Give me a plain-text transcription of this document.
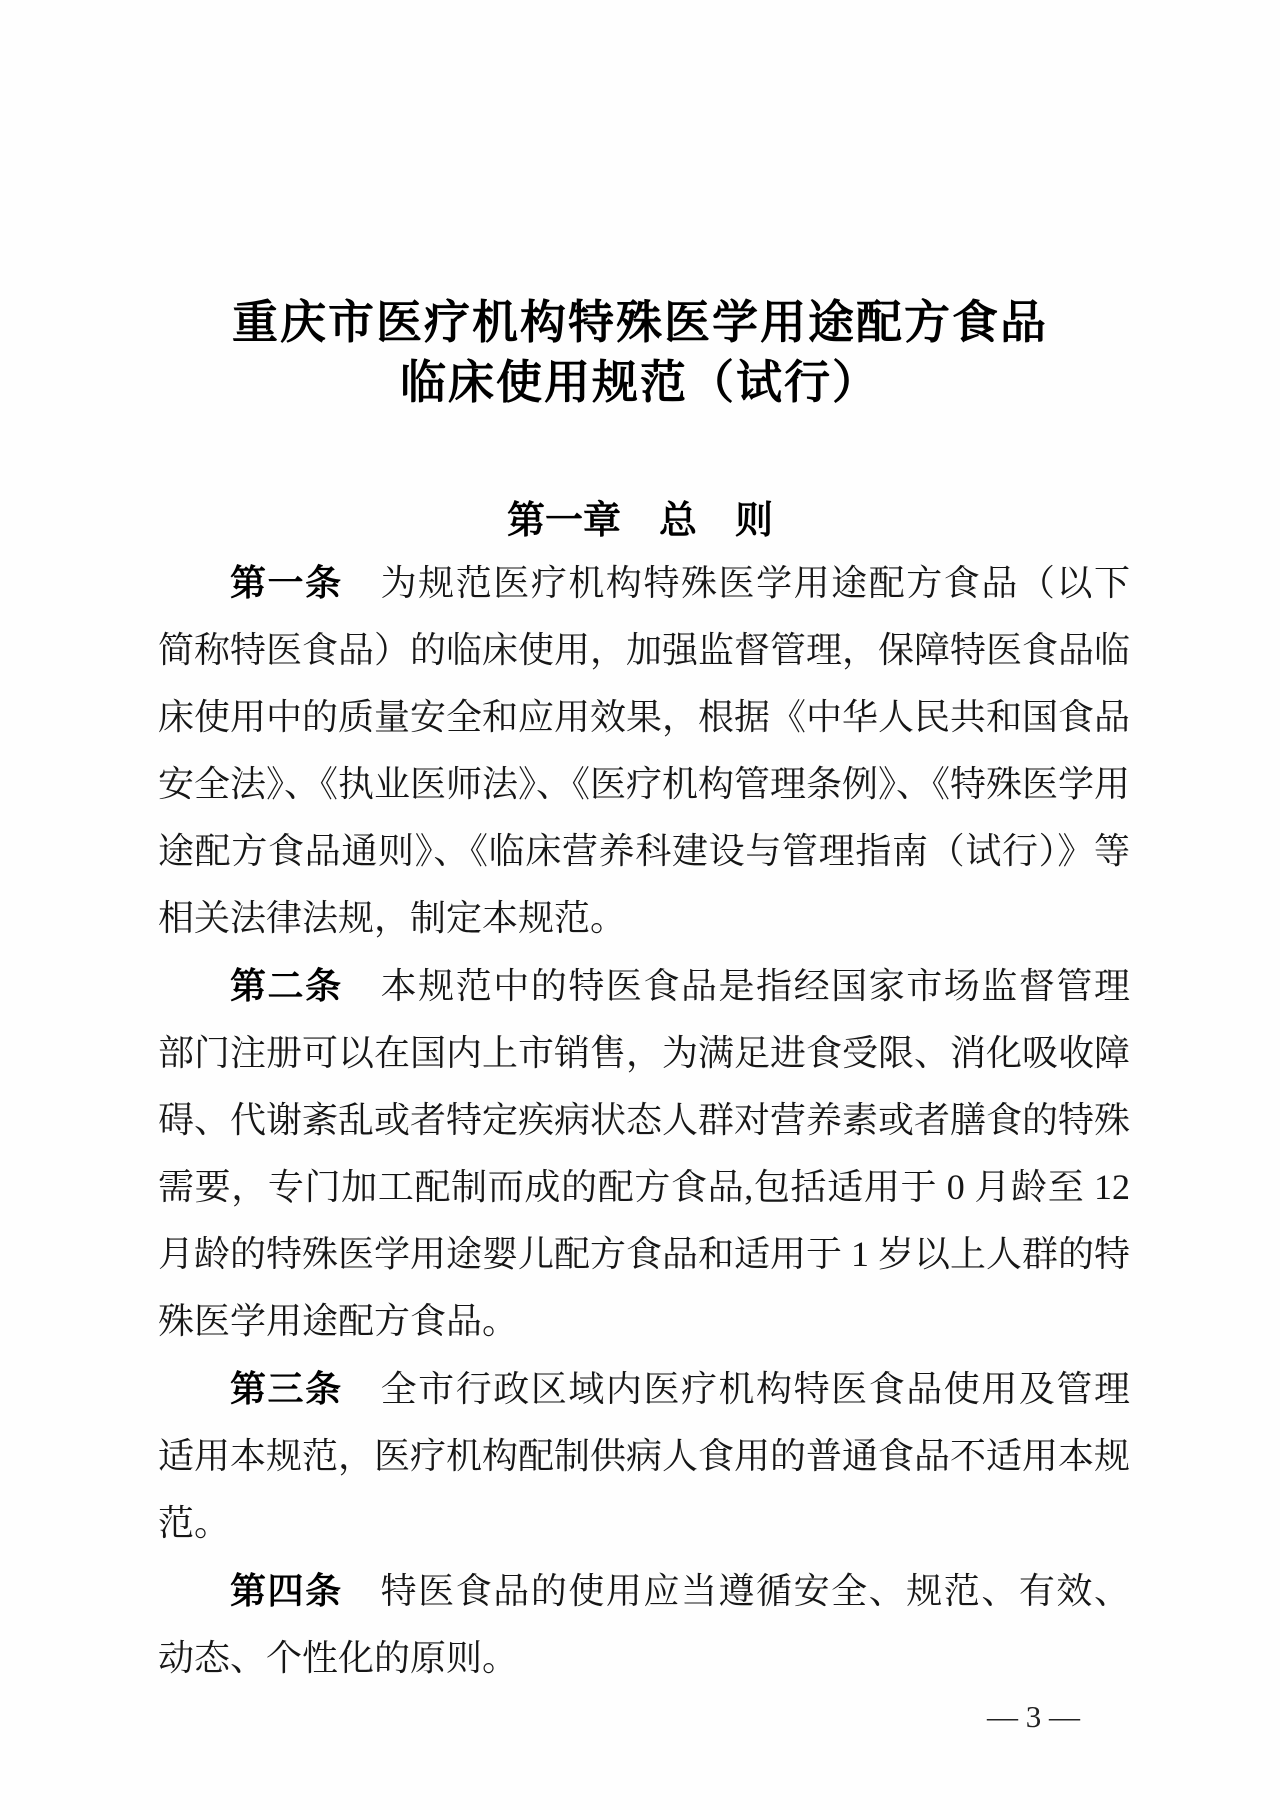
重庆市医疗机构特殊医学用途配方食品
临床使用规范（试行）
第一章　总　则

第一条 为规范医疗机构特殊医学用途配方食品（以下简称特医食品）的临床使用，加强监督管理，保障特医食品临床使用中的质量安全和应用效果，根据《中华人民共和国食品安全法》、《执业医师法》、《医疗机构管理条例》、《特殊医学用途配方食品通则》、《临床营养科建设与管理指南（试行）》等相关法律法规，制定本规范。

第二条 本规范中的特医食品是指经国家市场监督管理部门注册可以在国内上市销售，为满足进食受限、消化吸收障碍、代谢紊乱或者特定疾病状态人群对营养素或者膳食的特殊需要，专门加工配制而成的配方食品,包括适用于 0 月龄至 12 月龄的特殊医学用途婴儿配方食品和适用于 1 岁以上人群的特殊医学用途配方食品。

第三条 全市行政区域内医疗机构特医食品使用及管理适用本规范，医疗机构配制供病人食用的普通食品不适用本规范。

第四条 特医食品的使用应当遵循安全、规范、有效、动态、个性化的原则。

— 3 —
